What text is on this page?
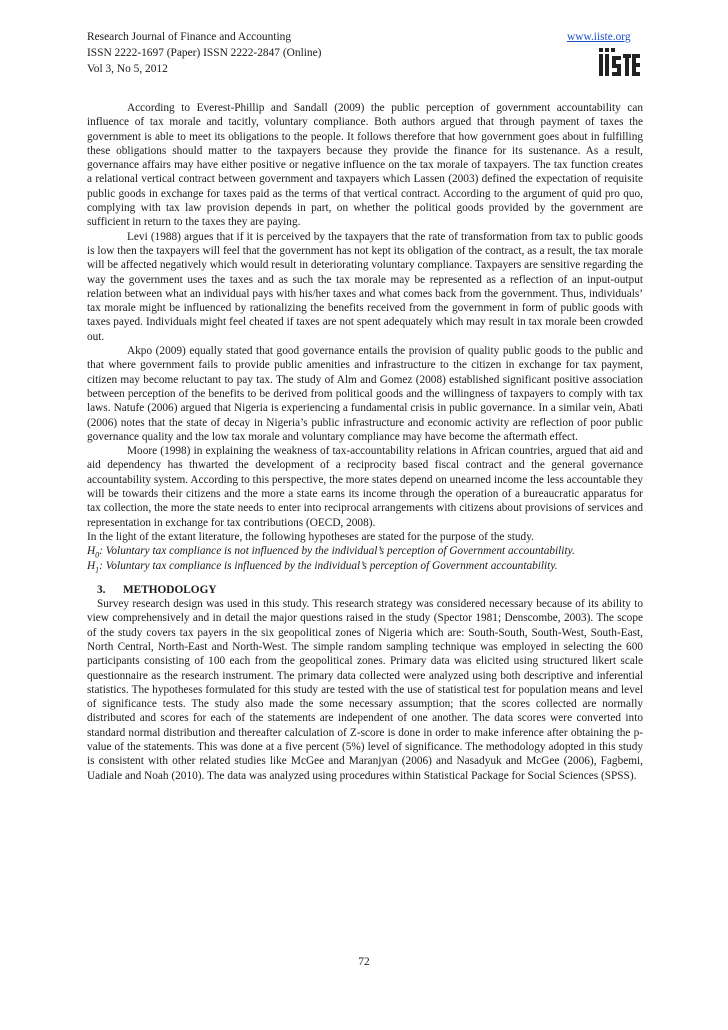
Research Journal of Finance and Accounting
ISSN 2222-1697 (Paper) ISSN 2222-2847 (Online)
Vol 3, No 5, 2012
www.iiste.org

According to Everest-Phillip and Sandall (2009) the public perception of government accountability can influence of tax morale and tacitly, voluntary compliance. Both authors argued that through payment of taxes the government is able to meet its obligations to the people. It follows therefore that how government goes about in fulfilling these obligations should matter to the taxpayers because they provide the finance for its sustenance. As a result, governance affairs may have either positive or negative influence on the tax morale of taxpayers. The tax function creates a relational vertical contract between government and taxpayers which Lassen (2003) defined the expectation of requisite public goods in exchange for taxes paid as the terms of that vertical contract. According to the argument of quid pro quo, complying with tax law provision depends in part, on whether the political goods provided by the government are sufficient in return to the taxes they are paying.

Levi (1988) argues that if it is perceived by the taxpayers that the rate of transformation from tax to public goods is low then the taxpayers will feel that the government has not kept its obligation of the contract, as a result, the tax morale will be affected negatively which would result in deteriorating voluntary compliance. Taxpayers are sensitive regarding the way the government uses the taxes and as such the tax morale may be represented as a reflection of an input-output relation between what an individual pays with his/her taxes and what comes back from the government. Thus, individuals’ tax morale might be influenced by rationalizing the benefits received from the government in form of public goods with taxes payed. Individuals might feel cheated if taxes are not spent adequately which may result in tax morale been crowded out.

Akpo (2009) equally stated that good governance entails the provision of quality public goods to the public and that where government fails to provide public amenities and infrastructure to the citizen in exchange for tax payment, citizen may become reluctant to pay tax. The study of Alm and Gomez (2008) established significant positive association between perception of the benefits to be derived from political goods and the willingness of taxpayers to comply with tax laws. Natufe (2006) argued that Nigeria is experiencing a fundamental crisis in public governance. In a similar vein, Abati (2006) notes that the state of decay in Nigeria’s public infrastructure and economic activity are reflection of poor public governance quality and the low tax morale and voluntary compliance may have become the aftermath effect.

Moore (1998) in explaining the weakness of tax-accountability relations in African countries, argued that aid and aid dependency has thwarted the development of a reciprocity based fiscal contract and the general governance accountability system. According to this perspective, the more states depend on unearned income the less accountable they will be towards their citizens and the more a state earns its income through the operation of a bureaucratic apparatus for tax collection, the more the state needs to enter into reciprocal arrangements with citizens about provisions of services and representation in exchange for tax contributions (OECD, 2008).

In the light of the extant literature, the following hypotheses are stated for the purpose of the study.

$H_0$: Voluntary tax compliance is not influenced by the individual’s perception of Government accountability.

$H_1$: Voluntary tax compliance is influenced by the individual’s perception of Government accountability.

3. METHODOLOGY

Survey research design was used in this study. This research strategy was considered necessary because of its ability to view comprehensively and in detail the major questions raised in the study (Spector 1981; Denscombe, 2003). The scope of the study covers tax payers in the six geopolitical zones of Nigeria which are: South-South, South-West, South-East, North Central, North-East and North-West. The simple random sampling technique was employed in selecting the 600 participants consisting of 100 each from the geopolitical zones. Primary data was elicited using structured likert scale questionnaire as the research instrument. The primary data collected were analyzed using both descriptive and inferential statistics. The hypotheses formulated for this study are tested with the use of statistical test for population means and level of significance tests. The study also made the some necessary assumption; that the scores collected are normally distributed and scores for each of the statements are independent of one another. The data scores were converted into standard normal distribution and thereafter calculation of Z-score is done in order to make inference after obtaining the p-value of the statements. This was done at a five percent (5%) level of significance. The methodology adopted in this study is consistent with other related studies like McGee and Maranjyan (2006) and Nasadyuk and McGee (2006), Fagbemi, Uadiale and Noah (2010). The data was analyzed using procedures within Statistical Package for Social Sciences (SPSS).

72
